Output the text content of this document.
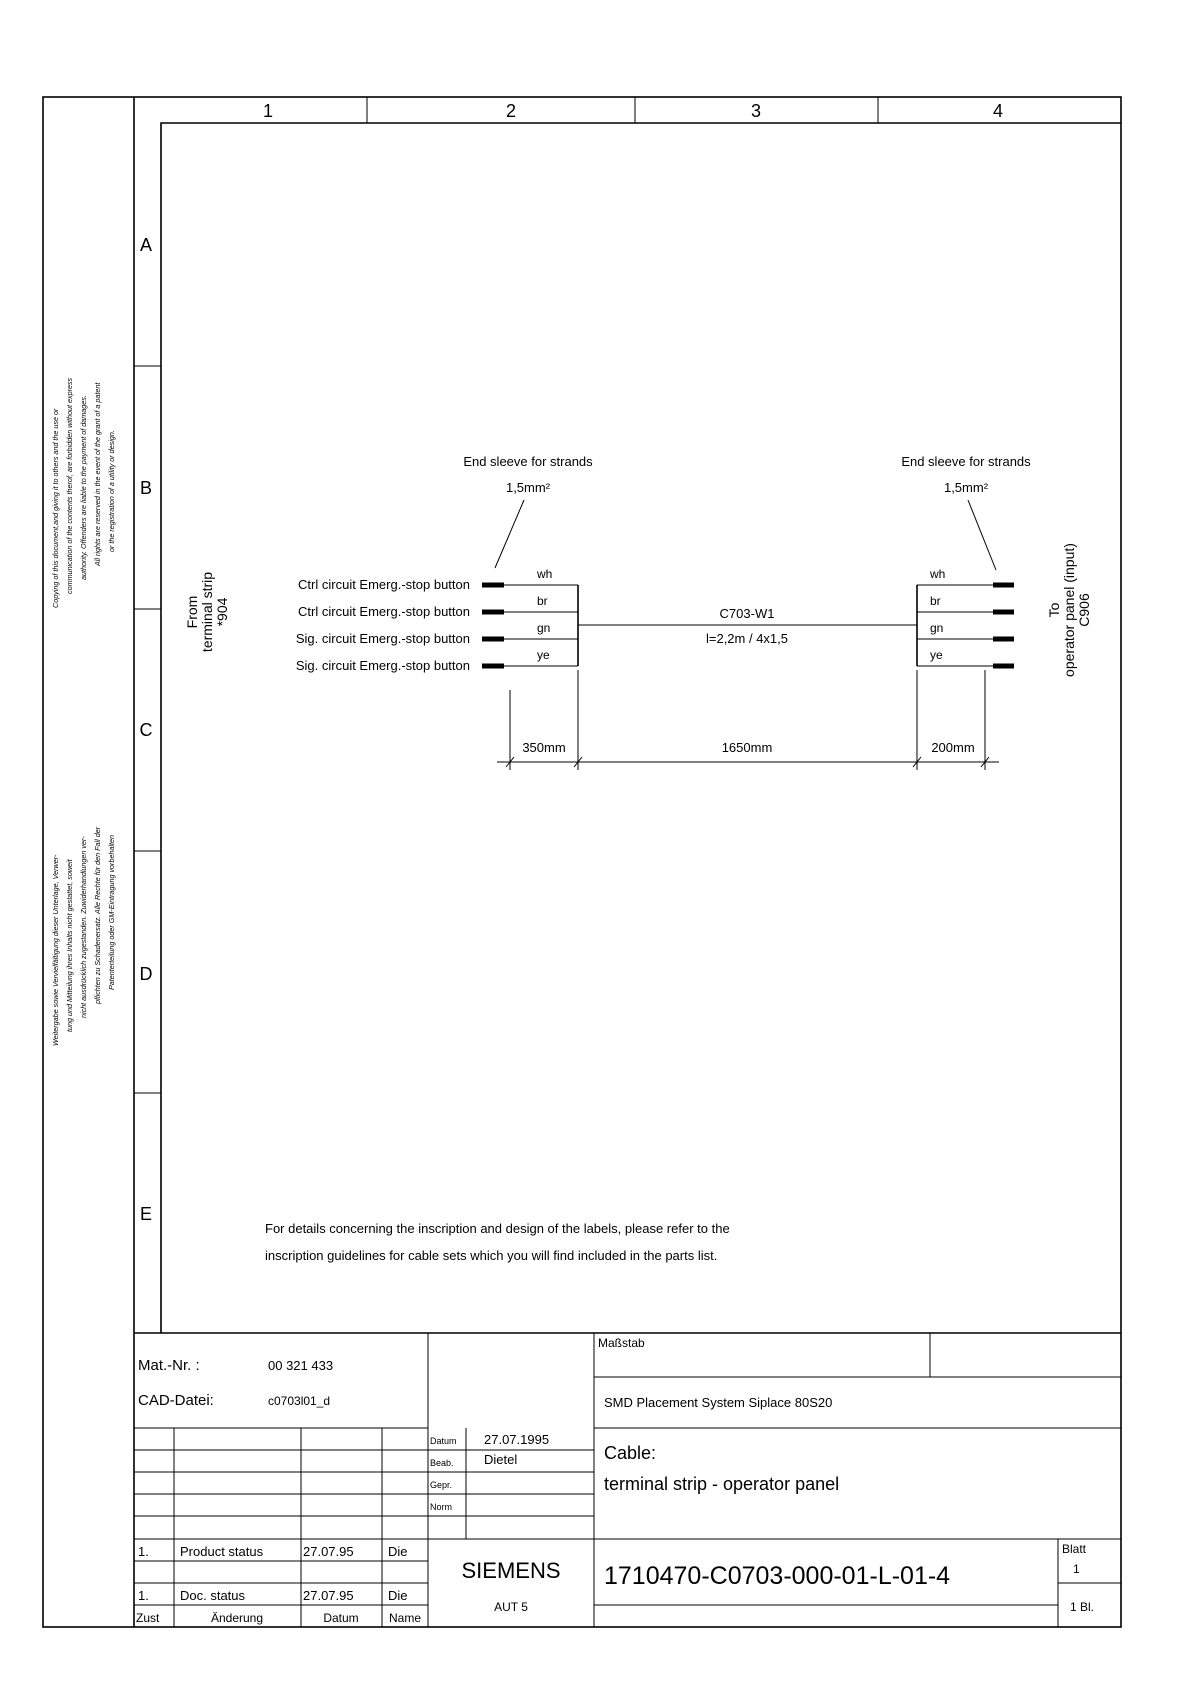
1	2	3	4
A
B
C
D
E
Copying of this document,and giving it to others and the use or communication of the contents therof, are forbidden without express authority. Offenders are liable to the payment of damages. All rights are reserved in the event of the grant of a patent or the registration of a utility or design.
Weitergabe sowie Vervielfältigung dieser Unterlage, Verwer- tung und Mitteilung ihres Inhalts nicht gestattet, soweit nicht ausdrücklich zugestanden. Zuwiderhandlungen ver- pflichten zu Schadenersatz. Alle Rechte für den Fall der Patenterteilung oder GM-Eintragung vorbehalten
End sleeve for strands
1,5mm²
End sleeve for strands
1,5mm²
From terminal strip *904	To operator panel (input) C906
Ctrl circuit Emerg.-stop button
Ctrl circuit Emerg.-stop button
Sig. circuit Emerg.-stop button
Sig. circuit Emerg.-stop button
wh
br
gn
ye
C703-W1
l=2,2m / 4x1,5
wh
br
gn
ye
350mm	1650mm	200mm
For details concerning the inscription and design of the labels, please refer to the
inscription guidelines for cable sets which you will find included in the parts list.
Mat.-Nr. :	00 321 433
CAD-Datei:	c0703l01_d
Maßstab
SMD Placement System Siplace 80S20
Datum 27.07.1995
Beab. Dietel
Gepr.
Norm
Cable:
terminal strip - operator panel
1. Product status	27.07.95	Die
1. Doc. status	27.07.95	Die
Zust	Änderung	Datum	Name
SIEMENS
AUT 5
1710470-C0703-000-01-L-01-4
Blatt
1
1 Bl.
